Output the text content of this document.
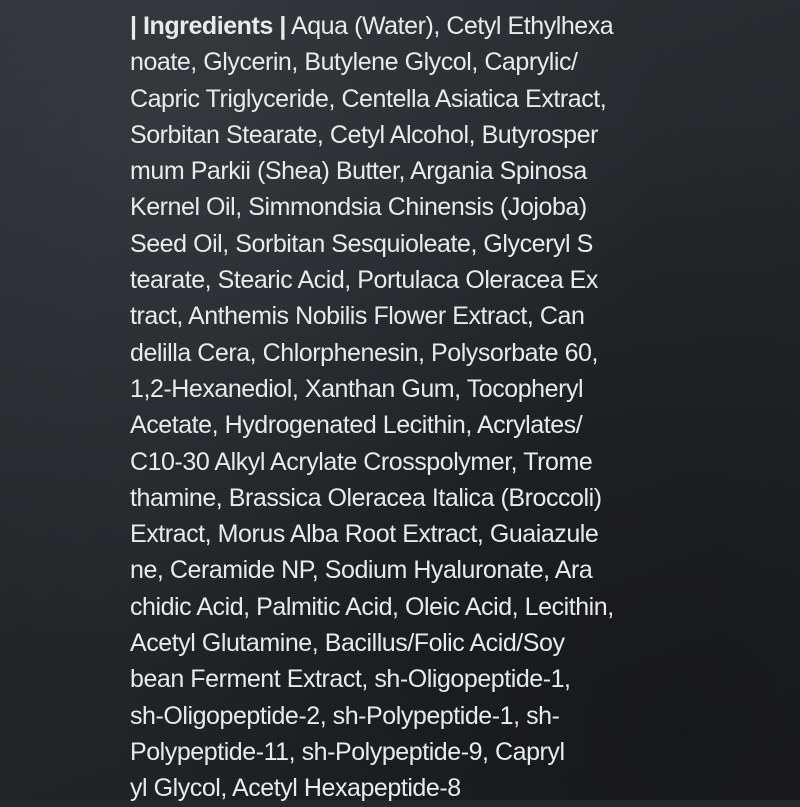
| Ingredients | Aqua (Water), Cetyl Ethylhexa
noate, Glycerin, Butylene Glycol, Caprylic/
Capric Triglyceride, Centella Asiatica Extract,
Sorbitan Stearate, Cetyl Alcohol, Butyrosper
mum Parkii (Shea) Butter, Argania Spinosa
Kernel Oil, Simmondsia Chinensis (Jojoba)
Seed Oil, Sorbitan Sesquioleate, Glyceryl S
tearate, Stearic Acid, Portulaca Oleracea Ex
tract, Anthemis Nobilis Flower Extract, Can
delilla Cera, Chlorphenesin, Polysorbate 60,
1,2-Hexanediol, Xanthan Gum, Tocopheryl
Acetate, Hydrogenated Lecithin, Acrylates/
C10-30 Alkyl Acrylate Crosspolymer, Trome
thamine, Brassica Oleracea Italica (Broccoli)
Extract, Morus Alba Root Extract, Guaiazule
ne, Ceramide NP, Sodium Hyaluronate, Ara
chidic Acid, Palmitic Acid, Oleic Acid, Lecithin,
Acetyl Glutamine, Bacillus/Folic Acid/Soy
bean Ferment Extract, sh-Oligopeptide-1,
sh-Oligopeptide-2, sh-Polypeptide-1, sh-
Polypeptide-11, sh-Polypeptide-9, Capryl
yl Glycol, Acetyl Hexapeptide-8
